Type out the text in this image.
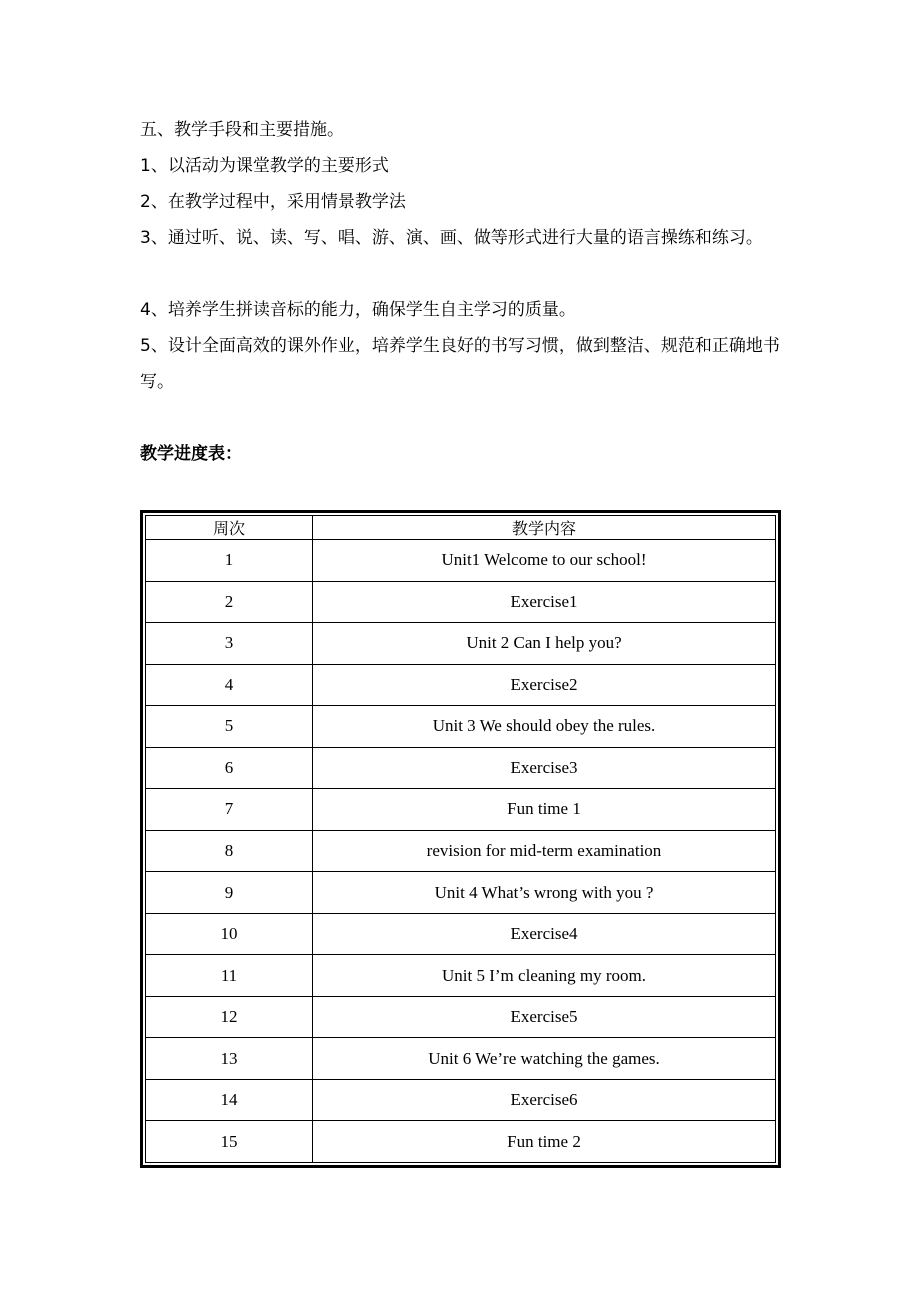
五、教学手段和主要措施。

1、以活动为课堂教学的主要形式

2、在教学过程中，采用情景教学法

3、通过听、说、读、写、唱、游、演、画、做等形式进行大量的语言操练和练习。

4、培养学生拼读音标的能力，确保学生自主学习的质量。

5、设计全面高效的课外作业，培养学生良好的书写习惯，做到整洁、规范和正确地书写。

教学进度表：

周次	教学内容
1	Unit1 Welcome to our school!
2	Exercise1
3	Unit 2 Can I help you?
4	Exercise2
5	Unit 3 We should obey the rules.
6	Exercise3
7	Fun time 1
8	revision for mid-term examination
9	Unit 4 What’s wrong with you ?
10	Exercise4
11	Unit 5 I’m cleaning my room.
12	Exercise5
13	Unit 6 We’re watching the games.
14	Exercise6
15	Fun time 2
